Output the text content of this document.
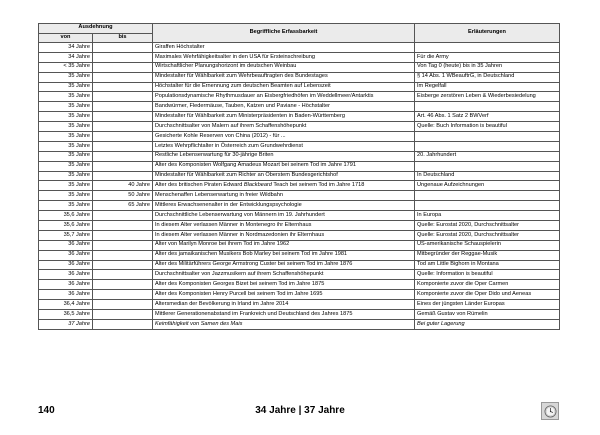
Ausdehnung		Begriffliche Erfassbarkeit	Erläuterungen
von	bis		
34 Jahre		Giraffen Höchstalter	
34 Jahre		Maximales Wehrfähigkeitsalter in den USA für Ersteinschreibung	Für die Army
< 35 Jahre		Wirtschaftlicher Planungshorizont im deutschen Weinbau	Von Tag 0 (heute) bis in 35 Jahren
35 Jahre		Mindestalter für Wählbarkeit zum Wehrbeauftragten des Bundestages	§ 14 Abs. 1 WBeauftrG, in Deutschland
35 Jahre		Höchstalter für die Ernennung zum deutschen Beamten auf Lebenszeit	Im Regelfall
35 Jahre		Populationsdynamische Rhythmusdauer an Eisbergfriedhöfen im Weddellmeer/Antarktis	Eisberge zerstören Leben & Wiederbesiedelung
35 Jahre		Bandwürmer, Fledermäuse, Tauben, Katzen und Paviane - Höchstalter	
35 Jahre		Mindestalter für Wählbarkeit zum Ministerpräsidenten in Baden-Württemberg	Art. 46 Abs. 1 Satz 2 BWVerf
35 Jahre		Durchschnittsalter von Malern auf ihrem Schaffenshöhepunkt	Quelle: Buch Information is beautiful
35 Jahre		Gesicherte Kohle Reserven von China (2012) - für ...	
35 Jahre		Letztes Wehrpflichtalter in Österreich zum Grundwehrdienst	
35 Jahre		Restliche Lebenserwartung für 30-jährige Briten	20. Jahrhundert
35 Jahre		Alter des Komponisten Wolfgang Amadeus Mozart bei seinem Tod im Jahre 1791	
35 Jahre		Mindestalter für Wählbarkeit zum Richter an Oberstem Bundesgerichtshof	In Deutschland
35 Jahre	40 Jahre	Alter des britischen Piraten Edward Blackbeard Teach bei seinem Tod im Jahre 1718	Ungenaue Aufzeichnungen
35 Jahre	50 Jahre	Menschenaffen Lebenserwartung in freier Wildbahn	
35 Jahre	65 Jahre	Mittleres Erwachsenenalter in der Entwicklungspsychologie	
35,6 Jahre		Durchschnittliche Lebenserwartung von Männern im 19. Jahrhundert	In Europa
35,6 Jahre		In diesem Alter verlassen Männer in Montenegro ihr Elternhaus	Quelle: Eurostat 2020, Durchschnittsalter
35,7 Jahre		In diesem Alter verlassen Männer in Nordmazedonien ihr Elternhaus	Quelle: Eurostat 2020, Durchschnittsalter
36 Jahre		Alter von Marilyn Monroe bei ihrem Tod im Jahre 1962	US-amerikanische Schauspielerin
36 Jahre		Alter des jamaikanischen Musikers Bob Marley bei seinem Tod im Jahre 1981	Mitbegründer der Reggae-Musik
36 Jahre		Alter des Militärführers George Armstrong Custer bei seinem Tod im Jahre 1876	Tod am Little Bighorn in Montana
36 Jahre		Durchschnittsalter von Jazzmusikern auf ihrem Schaffenshöhepunkt	Quelle: Information is beautiful
36 Jahre		Alter des Komponisten Georges Bizet bei seinem Tod im Jahre 1875	Komponierte zuvor die Oper Carmen
36 Jahre		Alter des Komponisten Henry Purcell bei seinem Tod im Jahre 1695	Komponierte zuvor die Oper Dido und Aeneas
36,4 Jahre		Altersmedian der Bevölkerung in Irland im Jahre 2014	Eines der jüngsten Länder Europas
36,5 Jahre		Mittlerer Generationenabstand im Frankreich und Deutschland des Jahres 1875	Gemäß Gustav von Rümelin
37 Jahre		Keimfähigkeit von Samen des Mais	Bei guter Lagerung
140	34 Jahre | 37 Jahre
